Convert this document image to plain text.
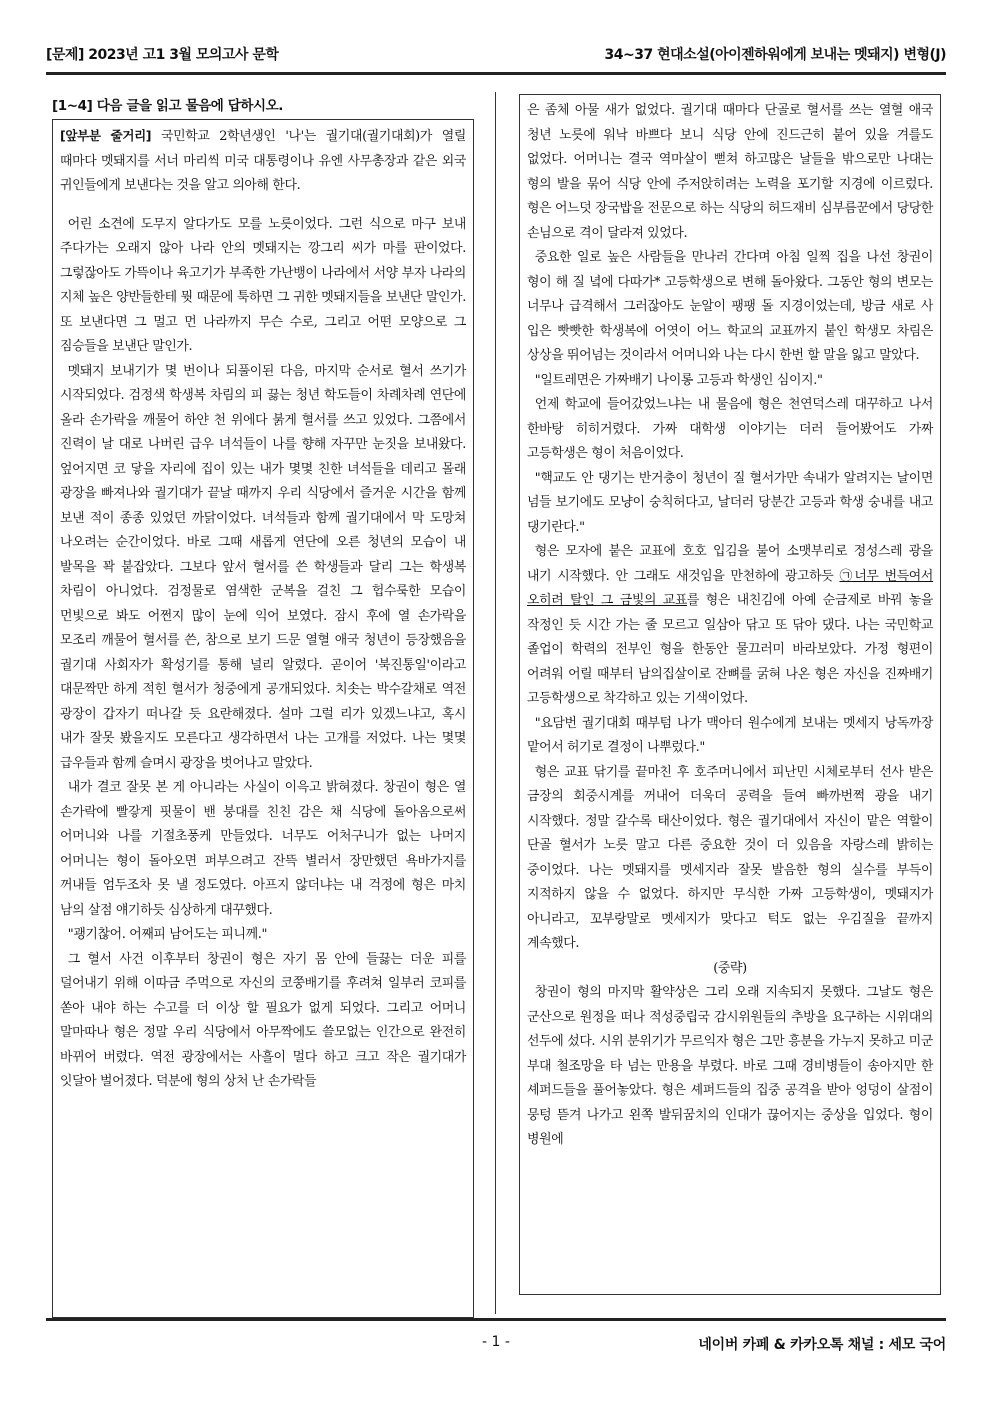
[문제] 2023년 고1 3월 모의고사 문학	34~37 현대소설(아이젠하워에게 보내는 멧돼지) 변형(J)
[1~4] 다음 글을 읽고 물음에 답하시오.

[앞부분 줄거리] 국민학교 2학년생인 '나'는 궐기대(궐기대회)가 열릴 때마다 멧돼지를 서너 마리씩 미국 대통령이나 유엔 사무총장과 같은 외국 귀인들에게 보낸다는 것을 알고 의아해 한다.

어린 소견에 도무지 알다가도 모를 노릇이었다. 그런 식으로 마구 보내 주다가는 오래지 않아 나라 안의 멧돼지는 깡그리 씨가 마를 판이었다. 그렇잖아도 가뜩이나 육고기가 부족한 가난뱅이 나라에서 서양 부자 나라의 지체 높은 양반들한테 뭣 때문에 툭하면 그 귀한 멧돼지들을 보낸단 말인가. 또 보낸다면 그 멀고 먼 나라까지 무슨 수로, 그리고 어떤 모양으로 그 짐승들을 보낸단 말인가.

멧돼지 보내기가 몇 번이나 되풀이된 다음, 마지막 순서로 혈서 쓰기가 시작되었다. 검정색 학생복 차림의 피 끓는 청년 학도들이 차례차례 연단에 올라 손가락을 깨물어 하얀 천 위에다 붉게 혈서를 쓰고 있었다. 그쯤에서 진력이 날 대로 나버린 급우 녀석들이 나를 향해 자꾸만 눈짓을 보내왔다. 엎어지면 코 닿을 자리에 집이 있는 내가 몇몇 친한 녀석들을 데리고 몰래 광장을 빠져나와 궐기대가 끝날 때까지 우리 식당에서 즐거운 시간을 함께 보낸 적이 종종 있었던 까닭이었다. 녀석들과 함께 궐기대에서 막 도망쳐 나오려는 순간이었다. 바로 그때 새롭게 연단에 오른 청년의 모습이 내 발목을 꽉 붙잡았다. 그보다 앞서 혈서를 쓴 학생들과 달리 그는 학생복 차림이 아니었다. 검정물로 염색한 군복을 걸친 그 헙수룩한 모습이 먼빛으로 봐도 어쩐지 많이 눈에 익어 보였다. 잠시 후에 열 손가락을 모조리 깨물어 혈서를 쓴, 참으로 보기 드문 열혈 애국 청년이 등장했음을 궐기대 사회자가 확성기를 통해 널리 알렸다. 곧이어 '북진통일'이라고 대문짝만 하게 적힌 혈서가 청중에게 공개되었다. 치솟는 박수갈채로 역전 광장이 갑자기 떠나갈 듯 요란해졌다. 설마 그럴 리가 있겠느냐고, 혹시 내가 잘못 봤을지도 모른다고 생각하면서 나는 고개를 저었다. 나는 몇몇 급우들과 함께 슬며시 광장을 벗어나고 말았다.

내가 결코 잘못 본 게 아니라는 사실이 이윽고 밝혀졌다. 창권이 형은 열 손가락에 빨갛게 핏물이 밴 붕대를 친친 감은 채 식당에 돌아옴으로써 어머니와 나를 기절초풍케 만들었다. 너무도 어처구니가 없는 나머지 어머니는 형이 돌아오면 퍼부으려고 잔뜩 별러서 장만했던 욕바가지를 꺼내들 엄두조차 못 낼 정도였다. 아프지 않더냐는 내 걱정에 형은 마치 남의 살점 얘기하듯 심상하게 대꾸했다.

"괭기찮어. 어째피 남어도는 피니께."

그 혈서 사건 이후부터 창권이 형은 자기 몸 안에 들끓는 더운 피를 덜어내기 위해 이따금 주먹으로 자신의 코쭝배기를 후려쳐 일부러 코피를 쏟아 내야 하는 수고를 더 이상 할 필요가 없게 되었다. 그리고 어머니 말마따나 형은 정말 우리 식당에서 아무짝에도 쓸모없는 인간으로 완전히 바뀌어 버렸다. 역전 광장에서는 사흘이 멀다 하고 크고 작은 궐기대가 잇달아 벌어졌다. 덕분에 형의 상처 난 손가락들

은 좀체 아물 새가 없었다. 궐기대 때마다 단골로 혈서를 쓰는 열혈 애국 청년 노릇에 워낙 바쁘다 보니 식당 안에 진드근히 붙어 있을 겨를도 없었다. 어머니는 결국 역마살이 뻗쳐 하고많은 날들을 밖으로만 나대는 형의 발을 묶어 식당 안에 주저앉히려는 노력을 포기할 지경에 이르렀다. 형은 어느덧 장국밥을 전문으로 하는 식당의 허드재비 심부름꾼에서 당당한 손님으로 격이 달라져 있었다.

중요한 일로 높은 사람들을 만나러 간다며 아침 일찍 집을 나선 창권이 형이 해 질 녘에 다따가* 고등학생으로 변해 돌아왔다. 그동안 형의 변모는 너무나 급격해서 그러잖아도 눈알이 팽팽 돌 지경이었는데, 방금 새로 사 입은 빳빳한 학생복에 어엿이 어느 학교의 교표까지 붙인 학생모 차림은 상상을 뛰어넘는 것이라서 어머니와 나는 다시 한번 할 말을 잃고 말았다.

"일트레면은 가짜배기 나이롱 고등과 학생인 심이지."

언제 학교에 들어갔었느냐는 내 물음에 형은 천연덕스레 대꾸하고 나서 한바탕 히히거렸다. 가짜 대학생 이야기는 더러 들어봤어도 가짜 고등학생은 형이 처음이었다.

"핵교도 안 댕기는 반거충이 청년이 질 혈서가만 속내가 알려지는 날이면 넘들 보기에도 모냥이 숭칙허다고, 날더러 당분간 고등과 학생 숭내를 내고 댕기란다."

형은 모자에 붙은 교표에 호호 입김을 불어 소맷부리로 정성스레 광을 내기 시작했다. 안 그래도 새것임을 만천하에 광고하듯 ㉠너무 번득여서 오히려 탈인 그 금빛의 교표를 형은 내친김에 아예 순금제로 바꿔 놓을 작정인 듯 시간 가는 줄 모르고 일삼아 닦고 또 닦아 댔다. 나는 국민학교 졸업이 학력의 전부인 형을 한동안 물끄러미 바라보았다. 가정 형편이 어려워 어릴 때부터 남의집살이로 잔뼈를 굵혀 나온 형은 자신을 진짜배기 고등학생으로 착각하고 있는 기색이었다.

"요담번 궐기대회 때부텀 나가 맥아더 원수에게 보내는 멧세지 낭독까장 맡어서 허기로 결정이 나뿌렀다."

형은 교표 닦기를 끝마친 후 호주머니에서 피난민 시체로부터 선사 받은 금장의 회중시계를 꺼내어 더욱더 공력을 들여 빠까번쩍 광을 내기 시작했다. 정말 갈수록 태산이었다. 형은 궐기대에서 자신이 맡은 역할이 단골 혈서가 노릇 말고 다른 중요한 것이 더 있음을 자랑스레 밝히는 중이었다. 나는 멧돼지를 멧세지라 잘못 발음한 형의 실수를 부득이 지적하지 않을 수 없었다. 하지만 무식한 가짜 고등학생이, 멧돼지가 아니라고, 꼬부랑말로 멧세지가 맞다고 턱도 없는 우김질을 끝까지 계속했다.

(중략)

창권이 형의 마지막 활약상은 그리 오래 지속되지 못했다. 그날도 형은 군산으로 원정을 떠나 적성중립국 감시위원들의 추방을 요구하는 시위대의 선두에 섰다. 시위 분위기가 무르익자 형은 그만 흥분을 가누지 못하고 미군 부대 철조망을 타 넘는 만용을 부렸다. 바로 그때 경비병들이 송아지만 한 셰퍼드들을 풀어놓았다. 형은 셰퍼드들의 집중 공격을 받아 엉덩이 살점이 뭉텅 뜯겨 나가고 왼쪽 발뒤꿈치의 인대가 끊어지는 중상을 입었다. 형이 병원에

- 1 -	네이버 카페 & 카카오톡 채널 : 세모 국어
